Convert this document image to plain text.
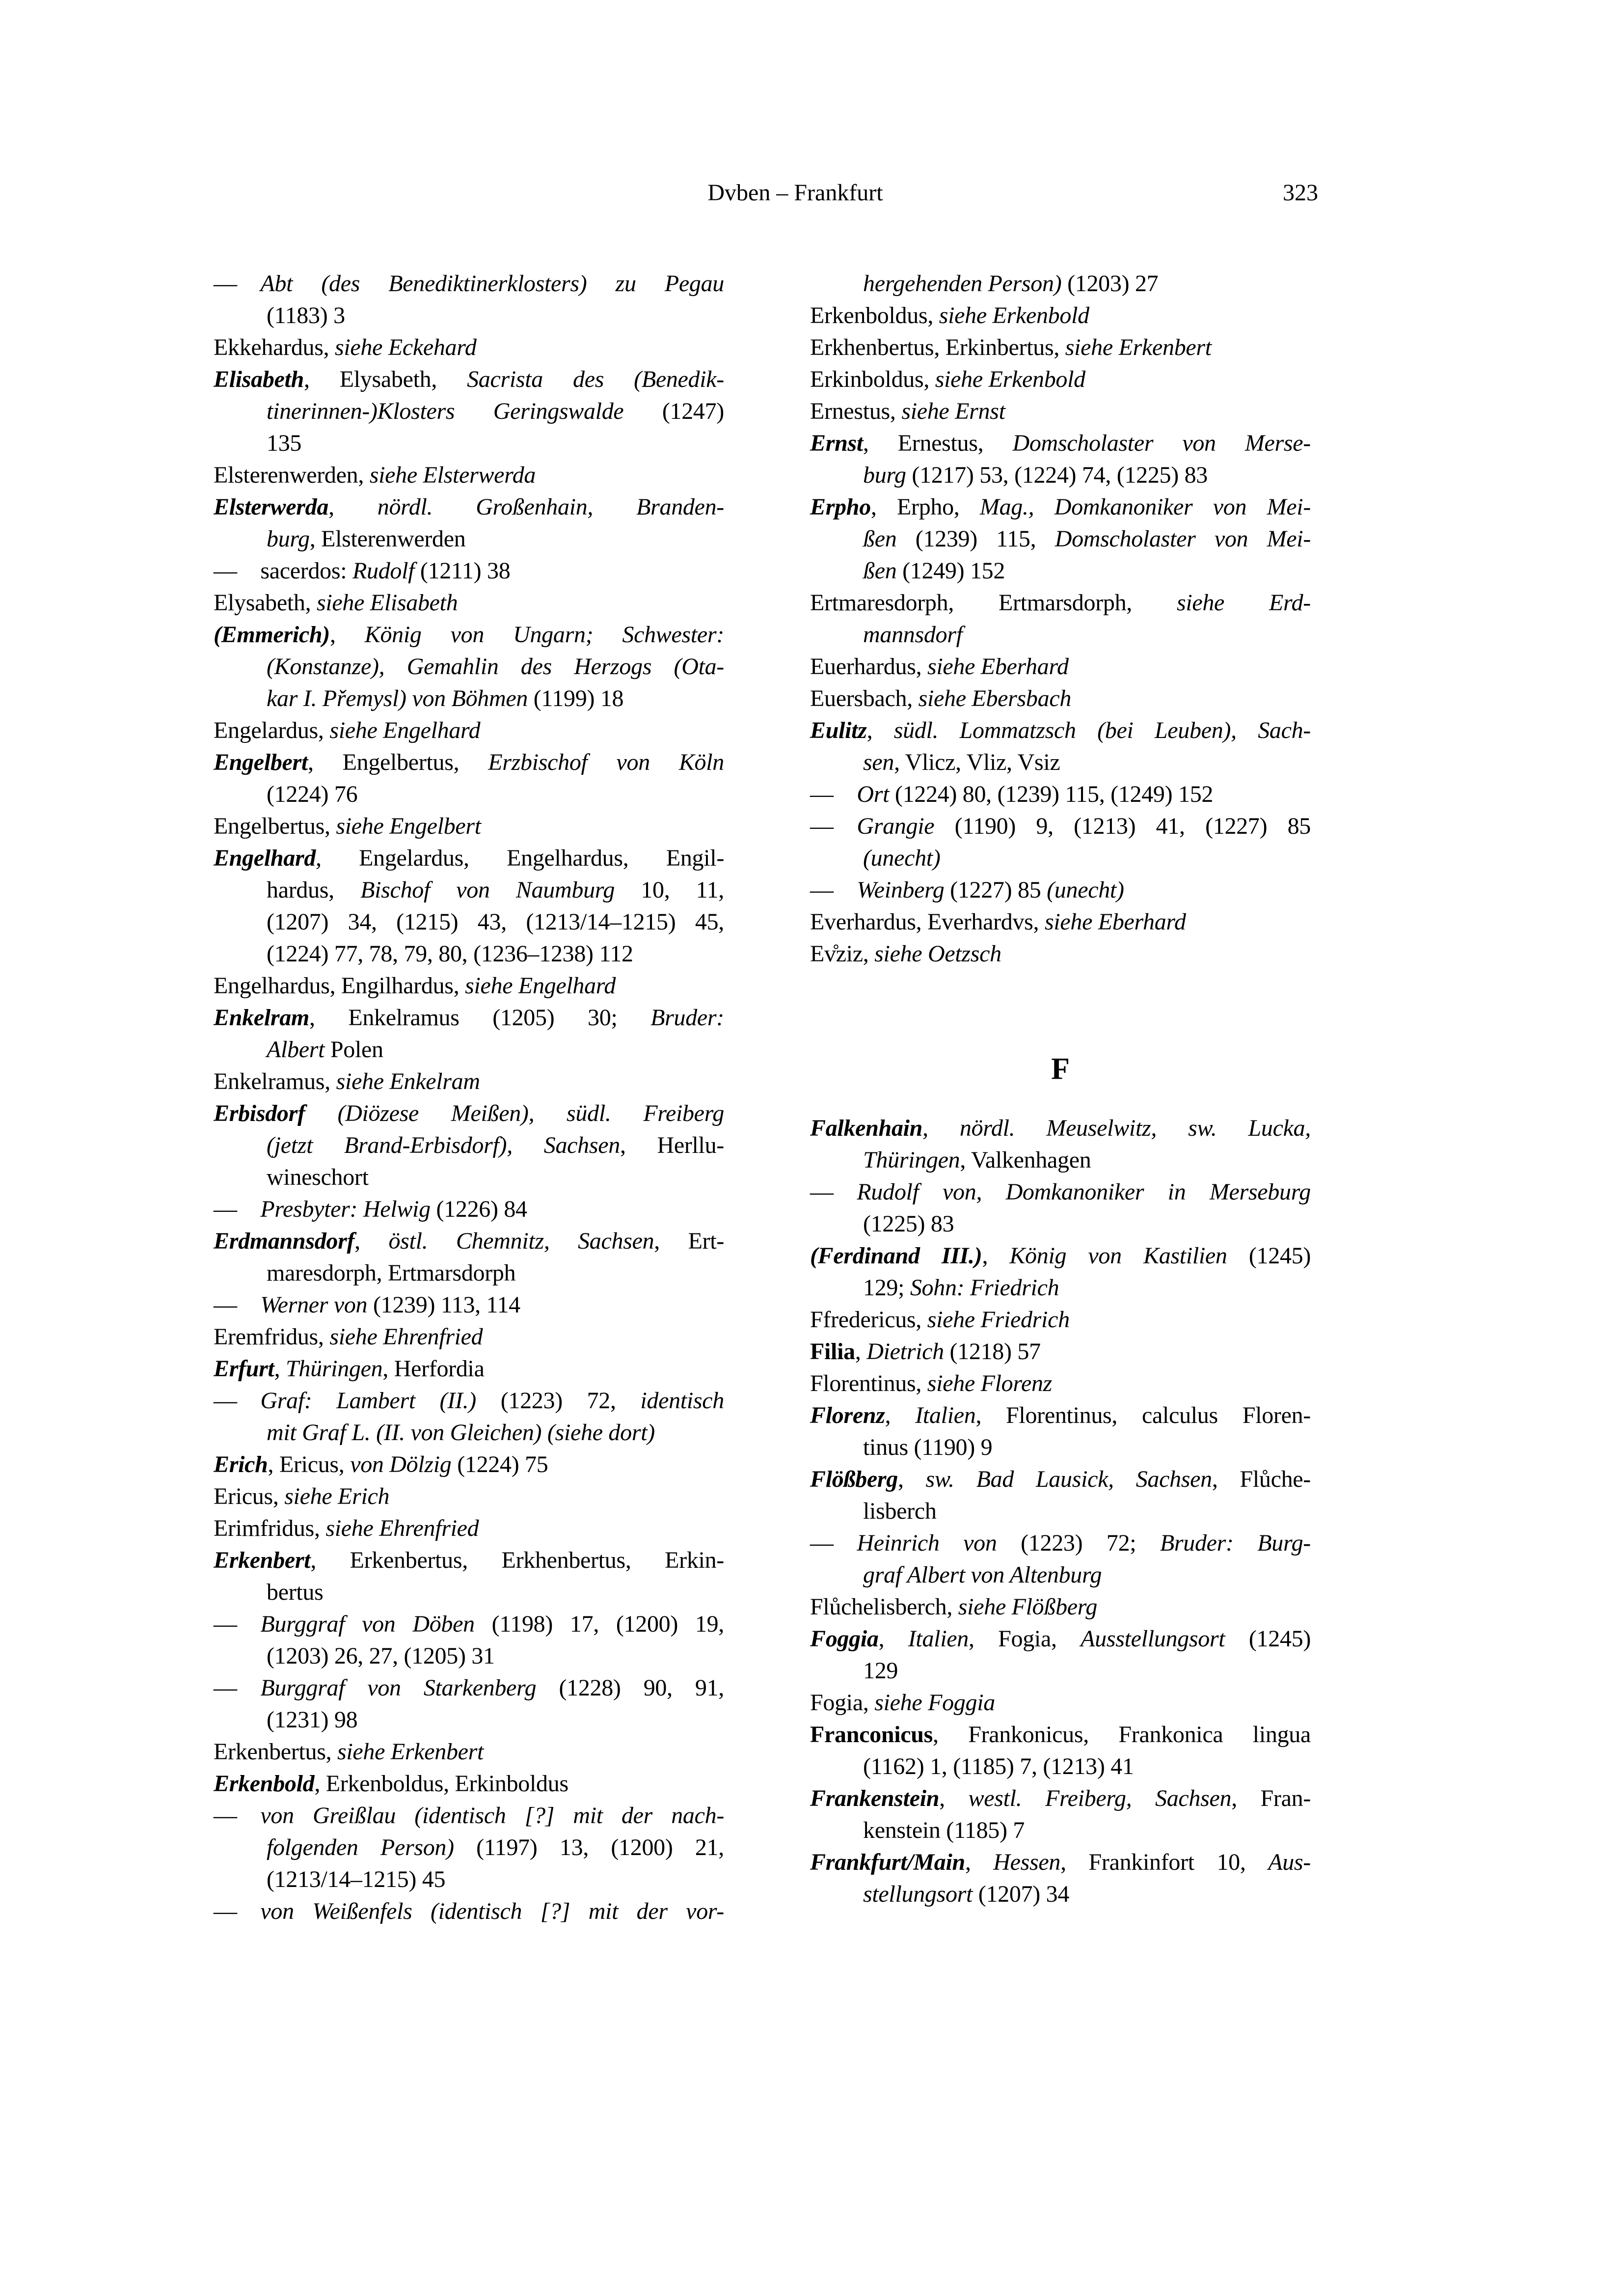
Dvben – Frankfurt	323
— Abt (des Benediktinerklosters) zu Pegau
(1183) 3
Ekkehardus, siehe Eckehard
Elisabeth, Elysabeth, Sacrista des (Benedik-
tinerinnen-)Klosters Geringswalde (1247)
135
Elsterenwerden, siehe Elsterwerda
Elsterwerda, nördl. Großenhain, Branden-
burg, Elsterenwerden
— sacerdos: Rudolf (1211) 38
Elysabeth, siehe Elisabeth
(Emmerich), König von Ungarn; Schwester:
(Konstanze), Gemahlin des Herzogs (Ota-
kar I. Přemysl) von Böhmen (1199) 18
Engelardus, siehe Engelhard
Engelbert, Engelbertus, Erzbischof von Köln
(1224) 76
Engelbertus, siehe Engelbert
Engelhard, Engelardus, Engelhardus, Engil-
hardus, Bischof von Naumburg 10, 11,
(1207) 34, (1215) 43, (1213/14–1215) 45,
(1224) 77, 78, 79, 80, (1236–1238) 112
Engelhardus, Engilhardus, siehe Engelhard
Enkelram, Enkelramus (1205) 30; Bruder:
Albert Polen
Enkelramus, siehe Enkelram
Erbisdorf (Diözese Meißen), südl. Freiberg
(jetzt Brand-Erbisdorf), Sachsen, Herllu-
wineschort
— Presbyter: Helwig (1226) 84
Erdmannsdorf, östl. Chemnitz, Sachsen, Ert-
maresdorph, Ertmarsdorph
— Werner von (1239) 113, 114
Eremfridus, siehe Ehrenfried
Erfurt, Thüringen, Herfordia
— Graf: Lambert (II.) (1223) 72, identisch
mit Graf L. (II. von Gleichen) (siehe dort)
Erich, Ericus, von Dölzig (1224) 75
Ericus, siehe Erich
Erimfridus, siehe Ehrenfried
Erkenbert, Erkenbertus, Erkhenbertus, Erkin-
bertus
— Burggraf von Döben (1198) 17, (1200) 19,
(1203) 26, 27, (1205) 31
— Burggraf von Starkenberg (1228) 90, 91,
(1231) 98
Erkenbertus, siehe Erkenbert
Erkenbold, Erkenboldus, Erkinboldus
— von Greißlau (identisch [?] mit der nach-
folgenden Person) (1197) 13, (1200) 21,
(1213/14–1215) 45
— von Weißenfels (identisch [?] mit der vor-
hergehenden Person) (1203) 27
Erkenboldus, siehe Erkenbold
Erkhenbertus, Erkinbertus, siehe Erkenbert
Erkinboldus, siehe Erkenbold
Ernestus, siehe Ernst
Ernst, Ernestus, Domscholaster von Merse-
burg (1217) 53, (1224) 74, (1225) 83
Erpho, Erpho, Mag., Domkanoniker von Mei-
ßen (1239) 115, Domscholaster von Mei-
ßen (1249) 152
Ertmaresdorph, Ertmarsdorph, siehe Erd-
mannsdorf
Euerhardus, siehe Eberhard
Euersbach, siehe Ebersbach
Eulitz, südl. Lommatzsch (bei Leuben), Sach-
sen, Vlicz, Vliz, Vsiz
— Ort (1224) 80, (1239) 115, (1249) 152
— Grangie (1190) 9, (1213) 41, (1227) 85
(unecht)
— Weinberg (1227) 85 (unecht)
Everhardus, Everhardvs, siehe Eberhard
Ev̊ziz, siehe Oetzsch
F
Falkenhain, nördl. Meuselwitz, sw. Lucka,
Thüringen, Valkenhagen
— Rudolf von, Domkanoniker in Merseburg
(1225) 83
(Ferdinand III.), König von Kastilien (1245)
129; Sohn: Friedrich
Ffredericus, siehe Friedrich
Filia, Dietrich (1218) 57
Florentinus, siehe Florenz
Florenz, Italien, Florentinus, calculus Floren-
tinus (1190) 9
Flößberg, sw. Bad Lausick, Sachsen, Flůche-
lisberch
— Heinrich von (1223) 72; Bruder: Burg-
graf Albert von Altenburg
Flůchelisberch, siehe Flößberg
Foggia, Italien, Fogia, Ausstellungsort (1245)
129
Fogia, siehe Foggia
Franconicus, Frankonicus, Frankonica lingua
(1162) 1, (1185) 7, (1213) 41
Frankenstein, westl. Freiberg, Sachsen, Fran-
kenstein (1185) 7
Frankfurt/Main, Hessen, Frankinfort 10, Aus-
stellungsort (1207) 34
